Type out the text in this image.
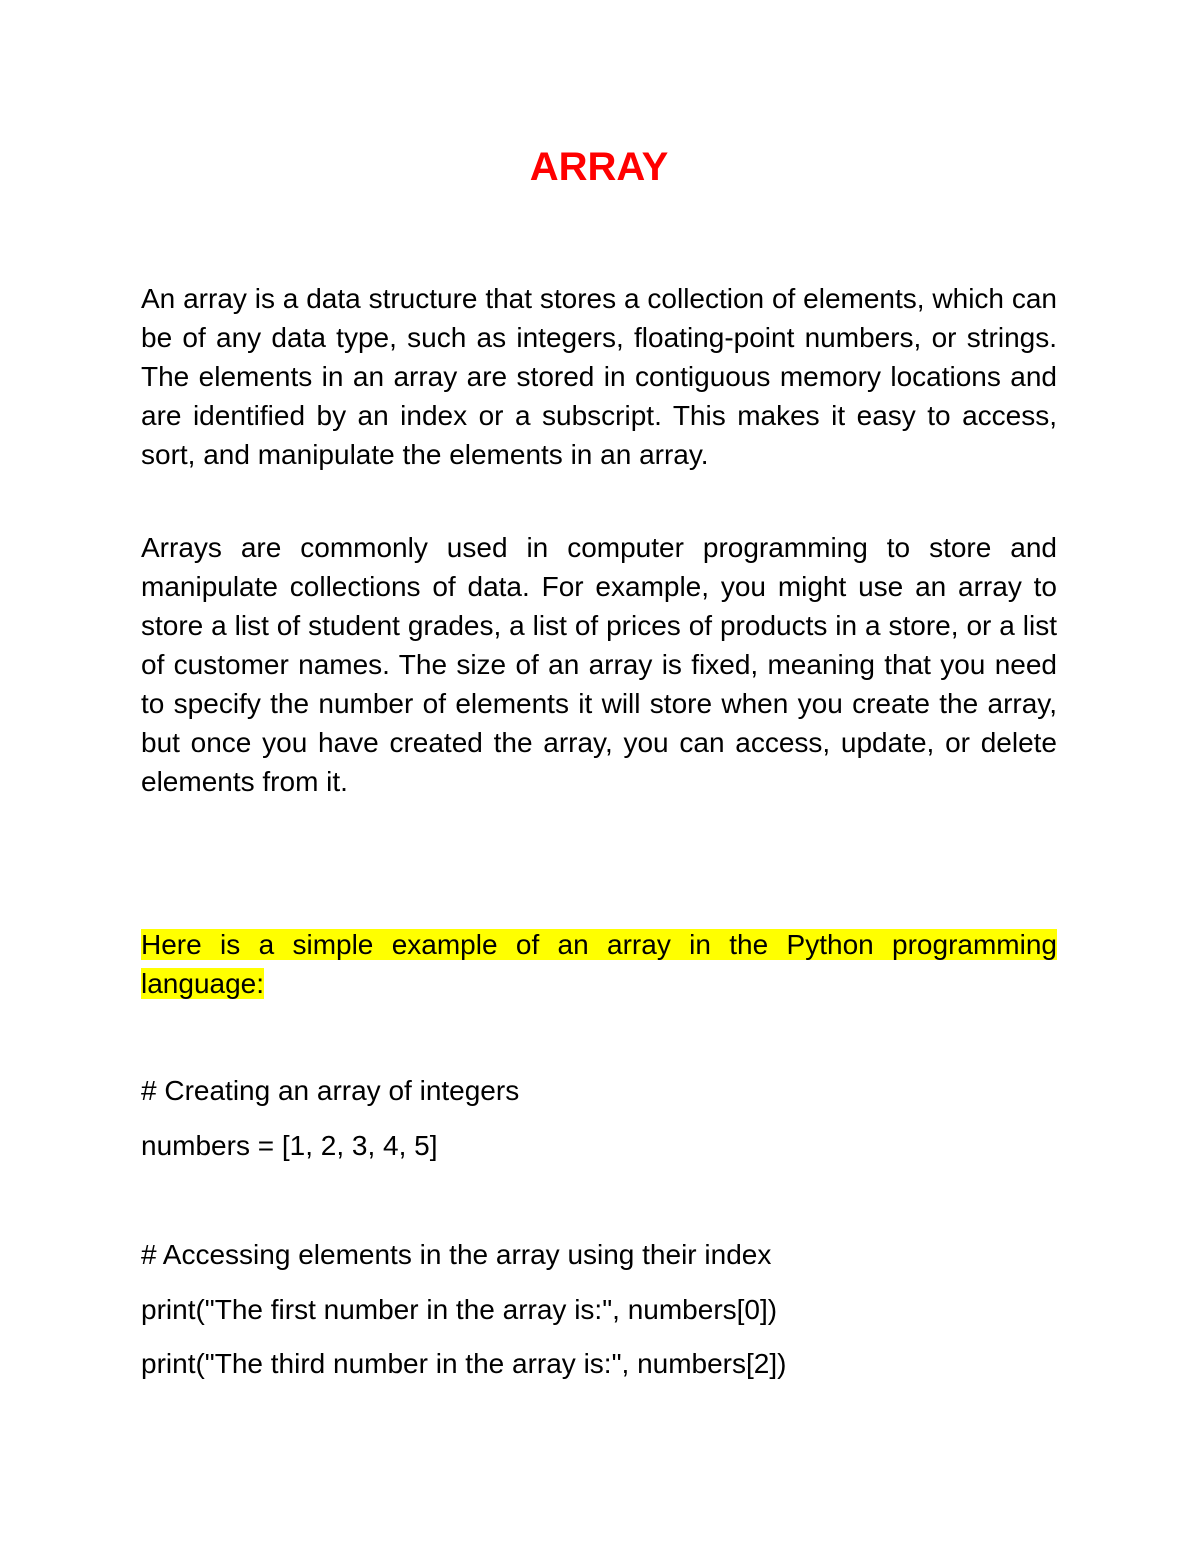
ARRAY

An array is a data structure that stores a collection of elements, which can be of any data type, such as integers, floating-point numbers, or strings. The elements in an array are stored in contiguous memory locations and are identified by an index or a subscript. This makes it easy to access, sort, and manipulate the elements in an array.

Arrays are commonly used in computer programming to store and manipulate collections of data. For example, you might use an array to store a list of student grades, a list of prices of products in a store, or a list of customer names. The size of an array is fixed, meaning that you need to specify the number of elements it will store when you create the array, but once you have created the array, you can access, update, or delete elements from it.

Here is a simple example of an array in the Python programming language:

# Creating an array of integers

numbers = [1, 2, 3, 4, 5]

# Accessing elements in the array using their index

print("The first number in the array is:", numbers[0])

print("The third number in the array is:", numbers[2])
